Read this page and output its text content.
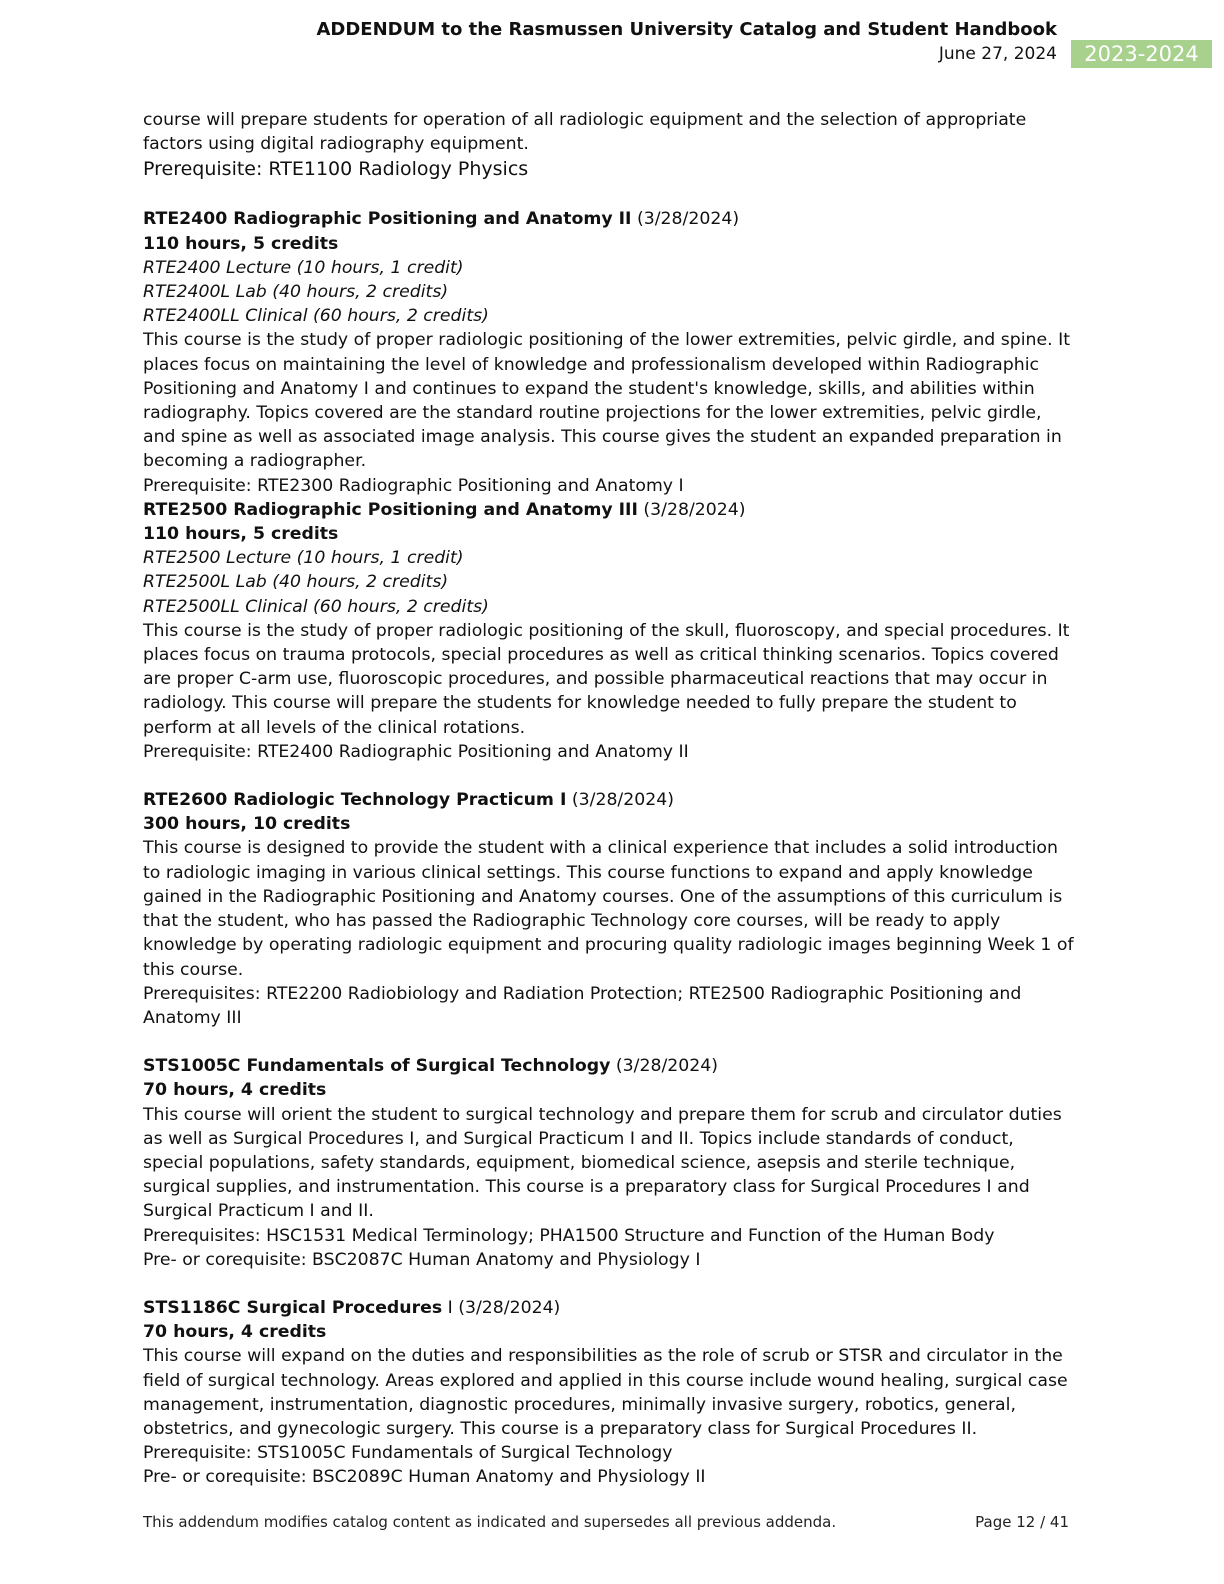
ADDENDUM to the Rasmussen University Catalog and Student Handbook
June 27, 2024	2023-2024

course will prepare students for operation of all radiologic equipment and the selection of appropriate factors using digital radiography equipment.

Prerequisite: RTE1100 Radiology Physics

RTE2400 Radiographic Positioning and Anatomy II (3/28/2024)

110 hours, 5 credits

RTE2400 Lecture (10 hours, 1 credit)

RTE2400L Lab (40 hours, 2 credits)

RTE2400LL Clinical (60 hours, 2 credits)

This course is the study of proper radiologic positioning of the lower extremities, pelvic girdle, and spine. It places focus on maintaining the level of knowledge and professionalism developed within Radiographic Positioning and Anatomy I and continues to expand the student's knowledge, skills, and abilities within radiography. Topics covered are the standard routine projections for the lower extremities, pelvic girdle, and spine as well as associated image analysis. This course gives the student an expanded preparation in becoming a radiographer.

Prerequisite: RTE2300 Radiographic Positioning and Anatomy I

RTE2500 Radiographic Positioning and Anatomy III (3/28/2024)

110 hours, 5 credits

RTE2500 Lecture (10 hours, 1 credit)

RTE2500L Lab (40 hours, 2 credits)

RTE2500LL Clinical (60 hours, 2 credits)

This course is the study of proper radiologic positioning of the skull, fluoroscopy, and special procedures. It places focus on trauma protocols, special procedures as well as critical thinking scenarios. Topics covered are proper C-arm use, fluoroscopic procedures, and possible pharmaceutical reactions that may occur in radiology. This course will prepare the students for knowledge needed to fully prepare the student to perform at all levels of the clinical rotations.

Prerequisite: RTE2400 Radiographic Positioning and Anatomy II

RTE2600 Radiologic Technology Practicum I (3/28/2024)

300 hours, 10 credits

This course is designed to provide the student with a clinical experience that includes a solid introduction to radiologic imaging in various clinical settings. This course functions to expand and apply knowledge gained in the Radiographic Positioning and Anatomy courses. One of the assumptions of this curriculum is that the student, who has passed the Radiographic Technology core courses, will be ready to apply knowledge by operating radiologic equipment and procuring quality radiologic images beginning Week 1 of this course.

Prerequisites: RTE2200 Radiobiology and Radiation Protection; RTE2500 Radiographic Positioning and Anatomy III

STS1005C Fundamentals of Surgical Technology (3/28/2024)

70 hours, 4 credits

This course will orient the student to surgical technology and prepare them for scrub and circulator duties as well as Surgical Procedures I, and Surgical Practicum I and II. Topics include standards of conduct, special populations, safety standards, equipment, biomedical science, asepsis and sterile technique, surgical supplies, and instrumentation. This course is a preparatory class for Surgical Procedures I and Surgical Practicum I and II.

Prerequisites: HSC1531 Medical Terminology; PHA1500 Structure and Function of the Human Body

Pre- or corequisite: BSC2087C Human Anatomy and Physiology I

STS1186C Surgical Procedures I (3/28/2024)

70 hours, 4 credits

This course will expand on the duties and responsibilities as the role of scrub or STSR and circulator in the field of surgical technology. Areas explored and applied in this course include wound healing, surgical case management, instrumentation, diagnostic procedures, minimally invasive surgery, robotics, general, obstetrics, and gynecologic surgery. This course is a preparatory class for Surgical Procedures II.

Prerequisite: STS1005C Fundamentals of Surgical Technology

Pre- or corequisite: BSC2089C Human Anatomy and Physiology II

This addendum modifies catalog content as indicated and supersedes all previous addenda.	Page 12 / 41
